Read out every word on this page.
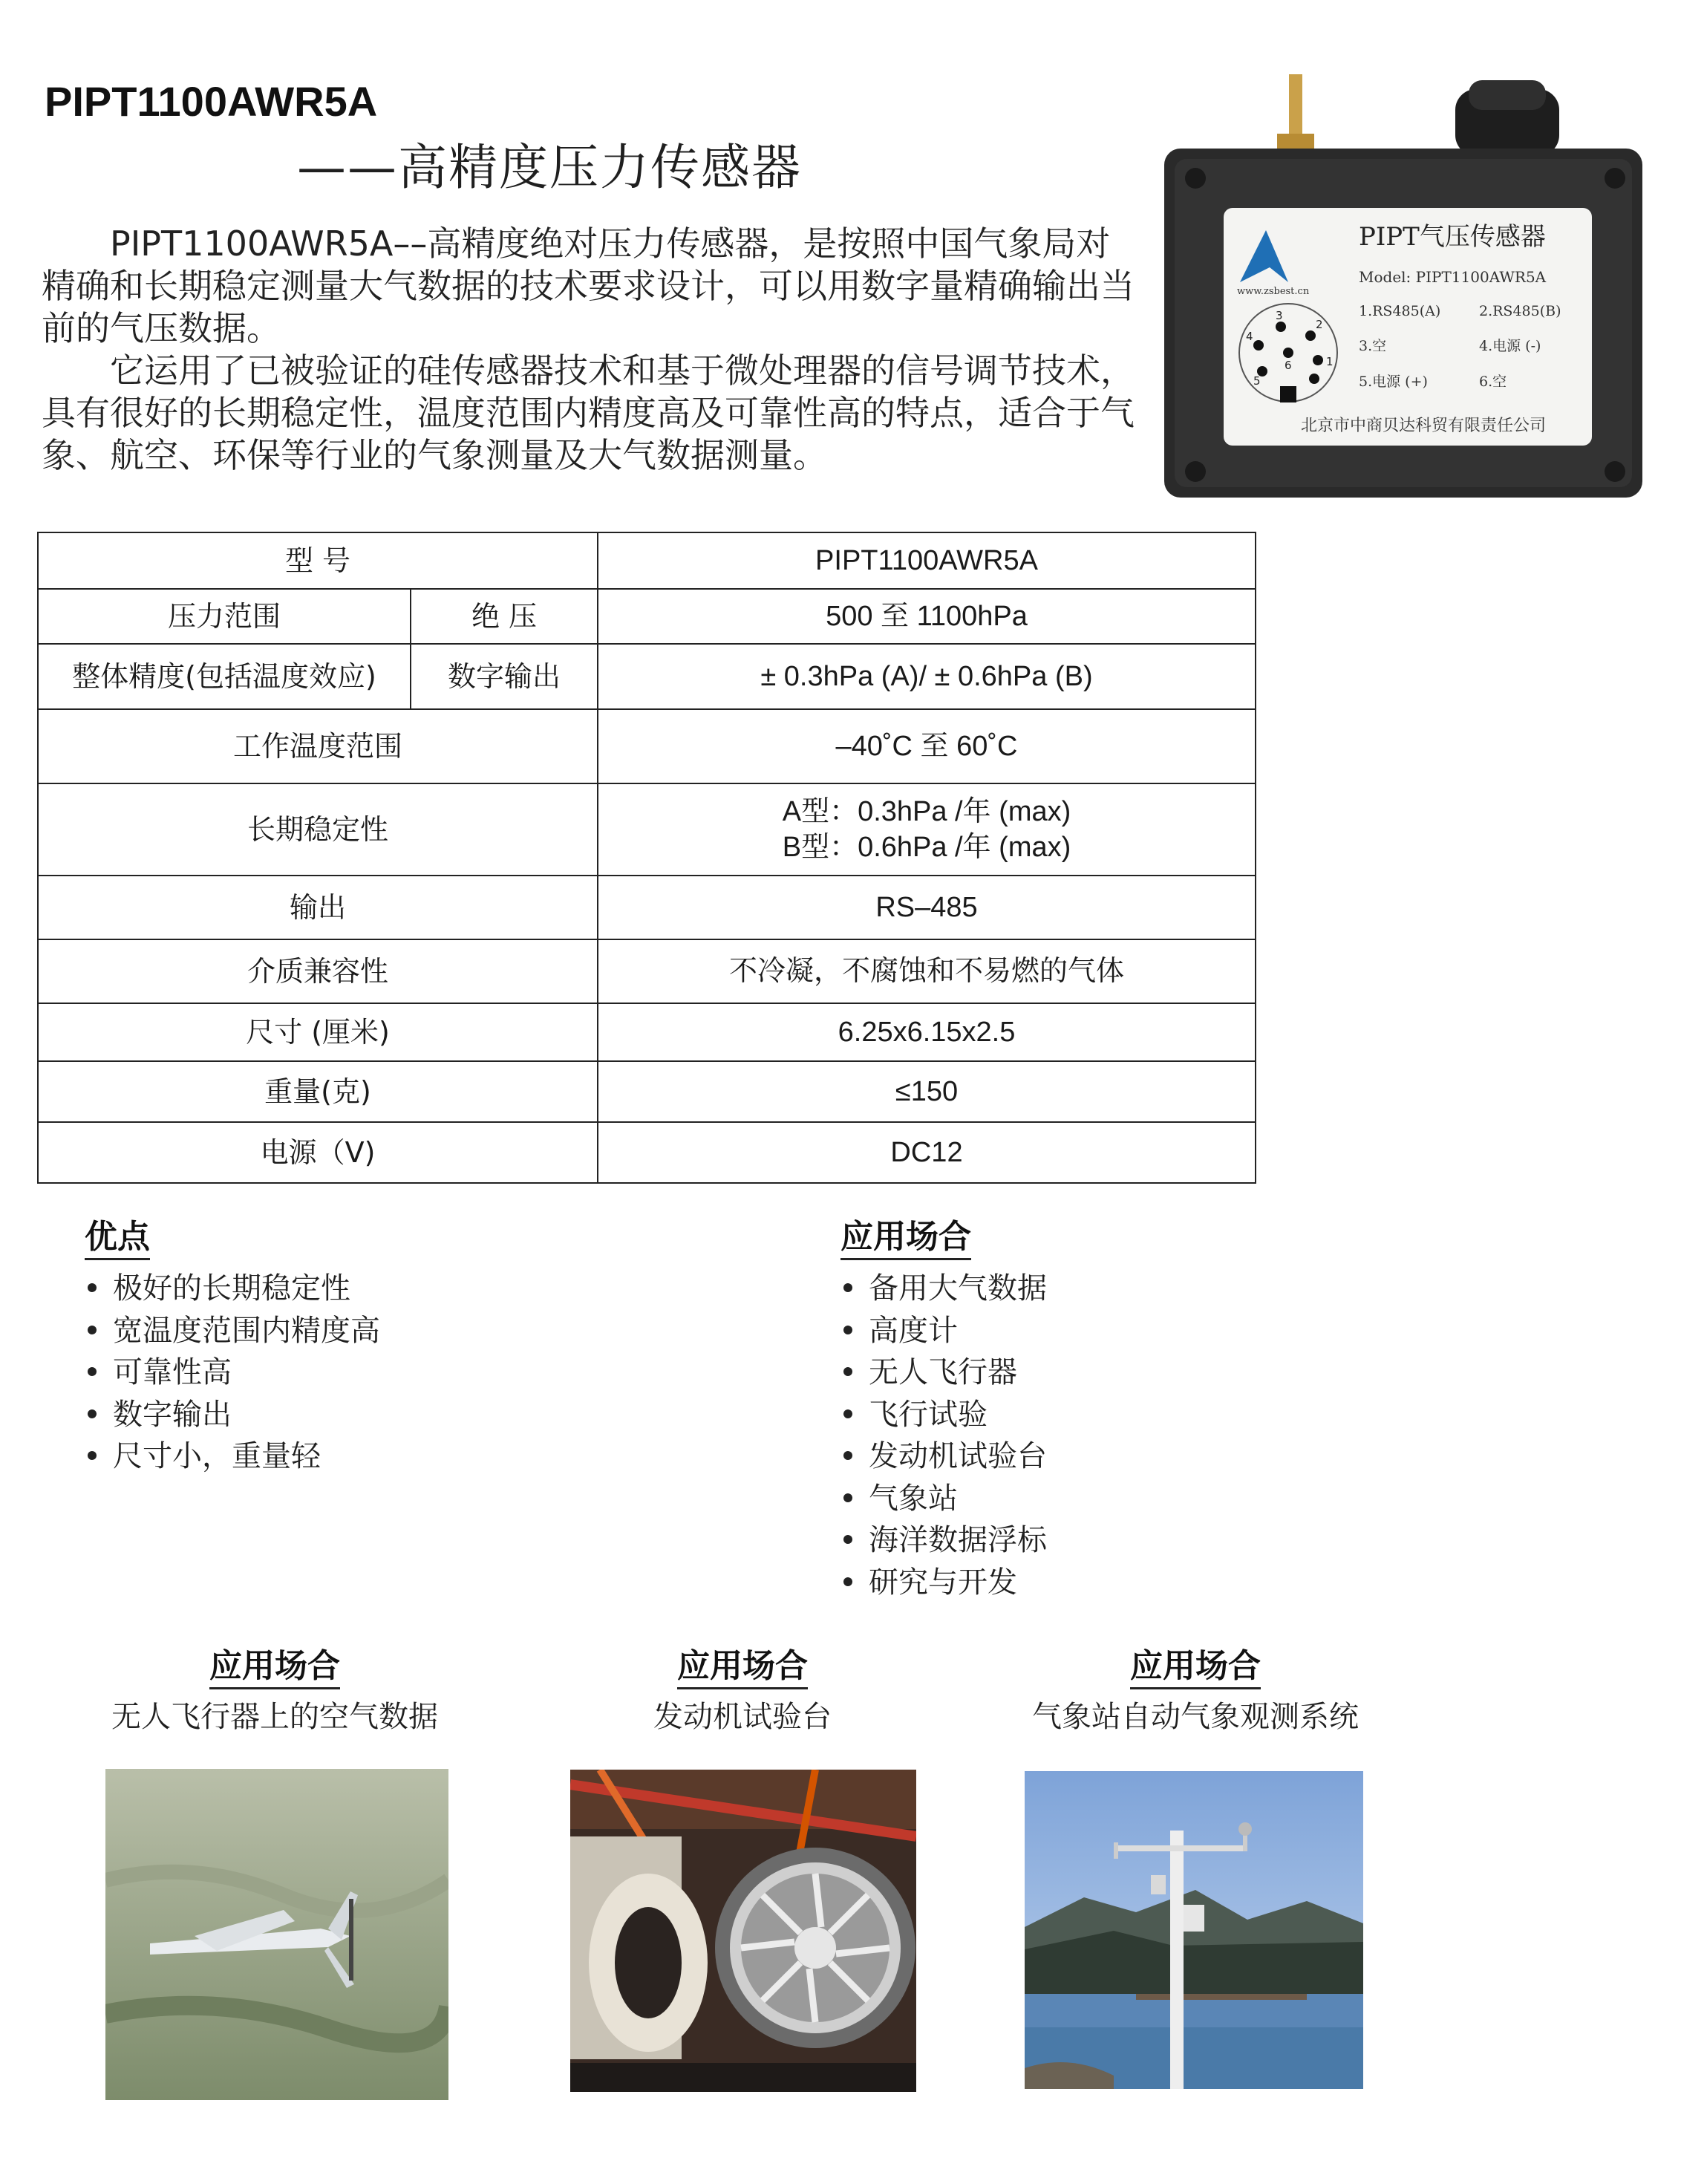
PIPT1100AWR5A
——高精度压力传感器

PIPT1100AWR5A––高精度绝对压力传感器，是按照中国气象局对精确和长期稳定测量大气数据的技术要求设计，可以用数字量精确输出当前的气压数据。

它运用了已被验证的硅传感器技术和基于微处理器的信号调节技术，具有很好的长期稳定性，温度范围内精度高及可靠性高的特点，适合于气象、航空、环保等行业的气象测量及大气数据测量。

www.zsbest.cn
PIPT气压传感器
Model: PIPT1100AWR5A
3
2
4
1
5
6
1.RS485(A)	2.RS485(B)
3.空	4.电源 (-)
5.电源 (+)	6.空
北京市中商贝达科贸有限责任公司
型 号		PIPT1100AWR5A
压力范围	绝 压	500 至 1100hPa
整体精度(包括温度效应)	数字输出	± 0.3hPa (A)/ ± 0.6hPa (B)
工作温度范围		–40˚C 至 60˚C
长期稳定性		A型：0.3hPa /年 (max)
B型：0.6hPa /年 (max)

输出		RS–485
介质兼容性		不冷凝，不腐蚀和不易燃的气体
尺寸 (厘米)		6.25x6.15x2.5
重量(克)		≤150
电源（V)		DC12
优点
极好的长期稳定性
宽温度范围内精度高
可靠性高
数字输出
尺寸小，重量轻
应用场合
备用大气数据
高度计
无人飞行器
飞行试验
发动机试验台
气象站
海洋数据浮标
研究与开发
应用场合
无人飞行器上的空气数据
应用场合
发动机试验台
应用场合
气象站自动气象观测系统
